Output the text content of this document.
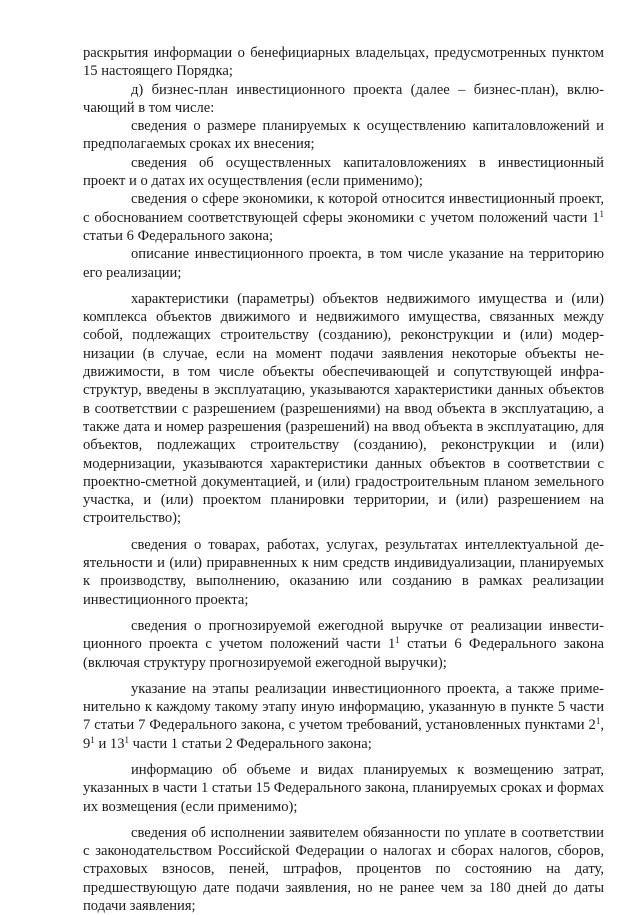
раскрытия информации о бенефициарных владельцах, предусмотренных пунктом 15 настоящего Порядка;

д) бизнес-план инвестиционного проекта (далее – бизнес-план), включающий в том числе:

сведения о размере планируемых к осуществлению капиталовложений и предполагаемых сроках их внесения;

сведения об осуществленных капиталовложениях в инвестиционный проект и о датах их осуществления (если применимо);

сведения о сфере экономики, к которой относится инвестиционный проект, с обоснованием соответствующей сферы экономики с учетом положений части $1^1$ статьи 6 Федерального закона;

описание инвестиционного проекта, в том числе указание на территорию его реализации;

характеристики (параметры) объектов недвижимого имущества и (или) комплекса объектов движимого и недвижимого имущества, связанных между собой, подлежащих строительству (созданию), реконструкции и (или) модернизации (в случае, если на момент подачи заявления некоторые объекты недвижимости, в том числе объекты обеспечивающей и сопутствующей инфраструктур, введены в эксплуатацию, указываются характеристики данных объектов в соответствии с разрешением (разрешениями) на ввод объекта в эксплуатацию, а также дата и номер разрешения (разрешений) на ввод объекта в эксплуатацию, для объектов, подлежащих строительству (созданию), реконструкции и (или) модернизации, указываются характеристики данных объектов в соответствии с проектно-сметной документацией, и (или) градостроительным планом земельного участка, и (или) проектом планировки территории, и (или) разрешением на строительство);

сведения о товарах, работах, услугах, результатах интеллектуальной деятельности и (или) приравненных к ним средств индивидуализации, планируемых к производству, выполнению, оказанию или созданию в рамках реализации инвестиционного проекта;

сведения о прогнозируемой ежегодной выручке от реализации инвестиционного проекта с учетом положений части $1^1$ статьи 6 Федерального закона (включая структуру прогнозируемой ежегодной выручки);

указание на этапы реализации инвестиционного проекта, а также применительно к каждому такому этапу иную информацию, указанную в пункте 5 части 7 статьи 7 Федерального закона, с учетом требований, установленных пунктами $2^1$, $9^1$ и $13^1$ части 1 статьи 2 Федерального закона;

информацию об объеме и видах планируемых к возмещению затрат, указанных в части 1 статьи 15 Федерального закона, планируемых сроках и формах их возмещения (если применимо);

сведения об исполнении заявителем обязанности по уплате в соответствии с законодательством Российской Федерации о налогах и сборах налогов, сборов, страховых взносов, пеней, штрафов, процентов по состоянию на дату, предшествующую дате подачи заявления, но не ранее чем за 180 дней до даты подачи заявления;
